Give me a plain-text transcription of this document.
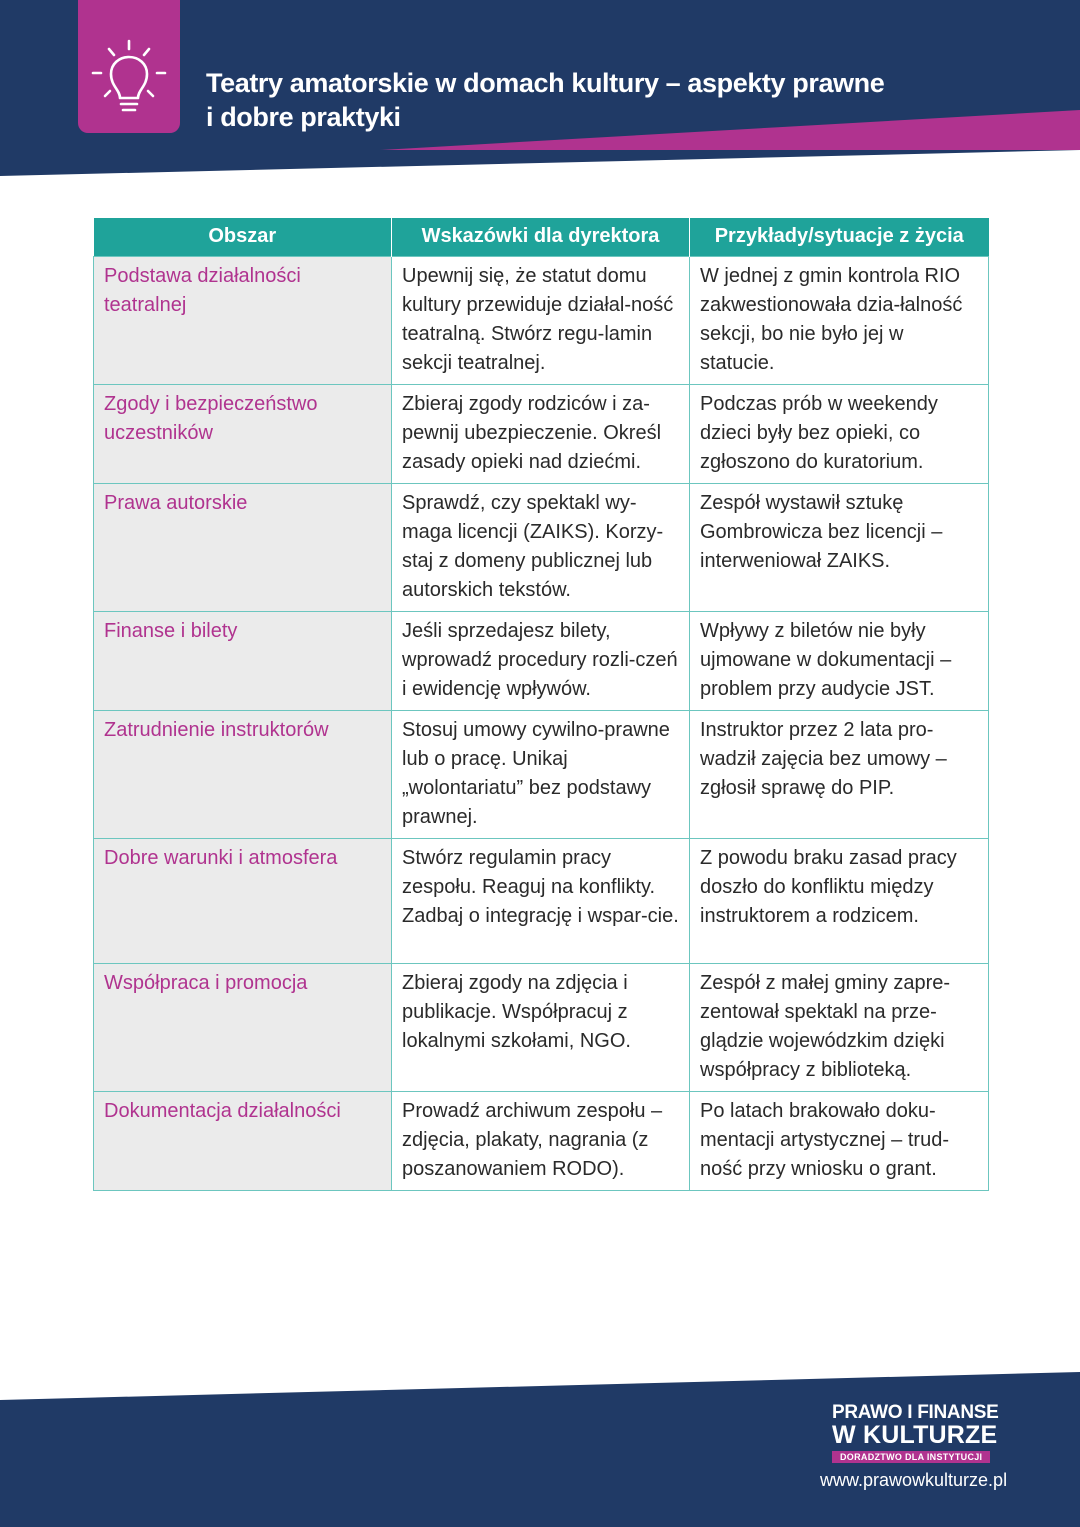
Teatry amatorskie w domach kultury – aspekty prawne
i dobre praktyki
Obszar	Wskazówki dla dyrektora	Przykłady/sytuacje z życia
Podstawa działalności teatralnej	Upewnij się, że statut domu kultury przewiduje działal-ność teatralną. Stwórz regu-lamin sekcji teatralnej.	W jednej z gmin kontrola RIO zakwestionowała dzia-łalność sekcji, bo nie było jej w statucie.
Zgody i bezpieczeństwo uczestników	Zbieraj zgody rodziców i za-pewnij ubezpieczenie. Określ zasady opieki nad dziećmi.	Podczas prób w weekendy dzieci były bez opieki, co zgłoszono do kuratorium.
Prawa autorskie	Sprawdź, czy spektakl wy-maga licencji (ZAIKS). Korzy-staj z domeny publicznej lub autorskich tekstów.	Zespół wystawił sztukę Gombrowicza bez licencji – interweniował ZAIKS.
Finanse i bilety	Jeśli sprzedajesz bilety, wprowadź procedury rozli-czeń i ewidencję wpływów.	Wpływy z biletów nie były ujmowane w dokumentacji – problem przy audycie JST.
Zatrudnienie instruktorów	Stosuj umowy cywilno-prawne lub o pracę. Unikaj „wolontariatu” bez podstawy prawnej.	Instruktor przez 2 lata pro-wadził zajęcia bez umowy – zgłosił sprawę do PIP.
Dobre warunki i atmosfera	Stwórz regulamin pracy zespołu. Reaguj na konflikty. Zadbaj o integrację i wspar-cie.	Z powodu braku zasad pracy doszło do konfliktu między instruktorem a rodzicem.
Współpraca i promocja	Zbieraj zgody na zdjęcia i publikacje. Współpracuj z lokalnymi szkołami, NGO.	Zespół z małej gminy zapre-zentował spektakl na prze-glądzie wojewódzkim dzięki współpracy z biblioteką.
Dokumentacja działalności	Prowadź archiwum zespołu – zdjęcia, plakaty, nagrania (z poszanowaniem RODO).	Po latach brakowało doku-mentacji artystycznej – trud-ność przy wniosku o grant.
PRAWO I FINANSE
W KULTURZE
DORADZTWO DLA INSTYTUCJI
www.prawowkulturze.pl
